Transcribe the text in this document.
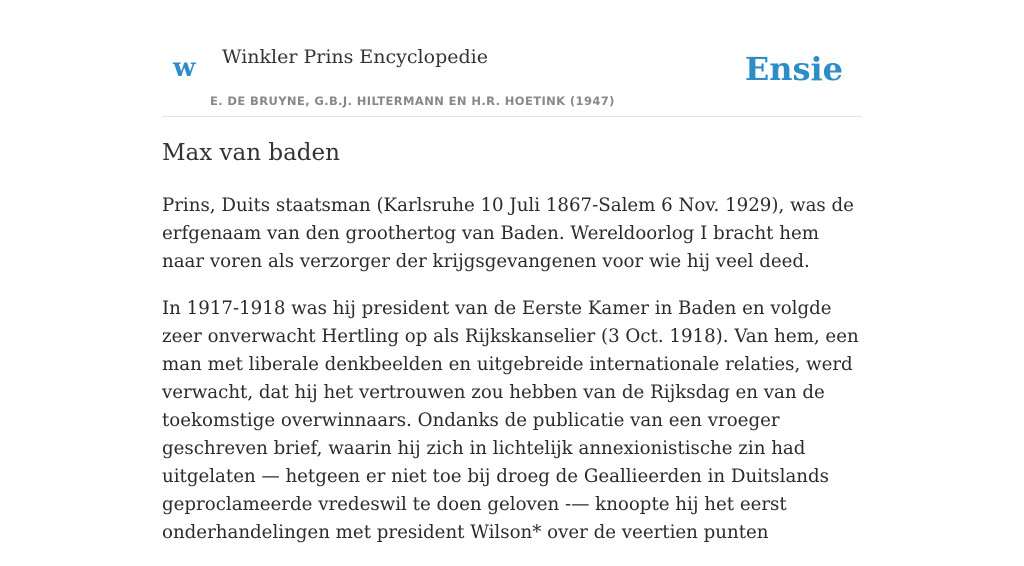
w Winkler Prins Encyclopedie
E. DE BRUYNE, G.B.J. HILTERMANN EN H.R. HOETINK (1947)
Ensie
Max van baden

Prins, Duits staatsman (Karlsruhe 10 Juli 1867-Salem 6 Nov. 1929), was de erfgenaam van den groothertog van Baden. Wereldoorlog I bracht hem naar voren als verzorger der krijgsgevangenen voor wie hij veel deed.

In 1917-1918 was hij president van de Eerste Kamer in Baden en volgde zeer onverwacht Hertling op als Rijkskanselier (3 Oct. 1918). Van hem, een man met liberale denkbeelden en uitgebreide internationale relaties, werd verwacht, dat hij het vertrouwen zou hebben van de Rijksdag en van de toekomstige overwinnaars. Ondanks de publicatie van een vroeger geschreven brief, waarin hij zich in lichtelijk annexionistische zin had uitgelaten — hetgeen er niet toe bij droeg de Geallieerden in Duitslands geproclameerde vredeswil te doen geloven -— knoopte hij het eerst onderhandelingen met president Wilson* over de veertien punten
